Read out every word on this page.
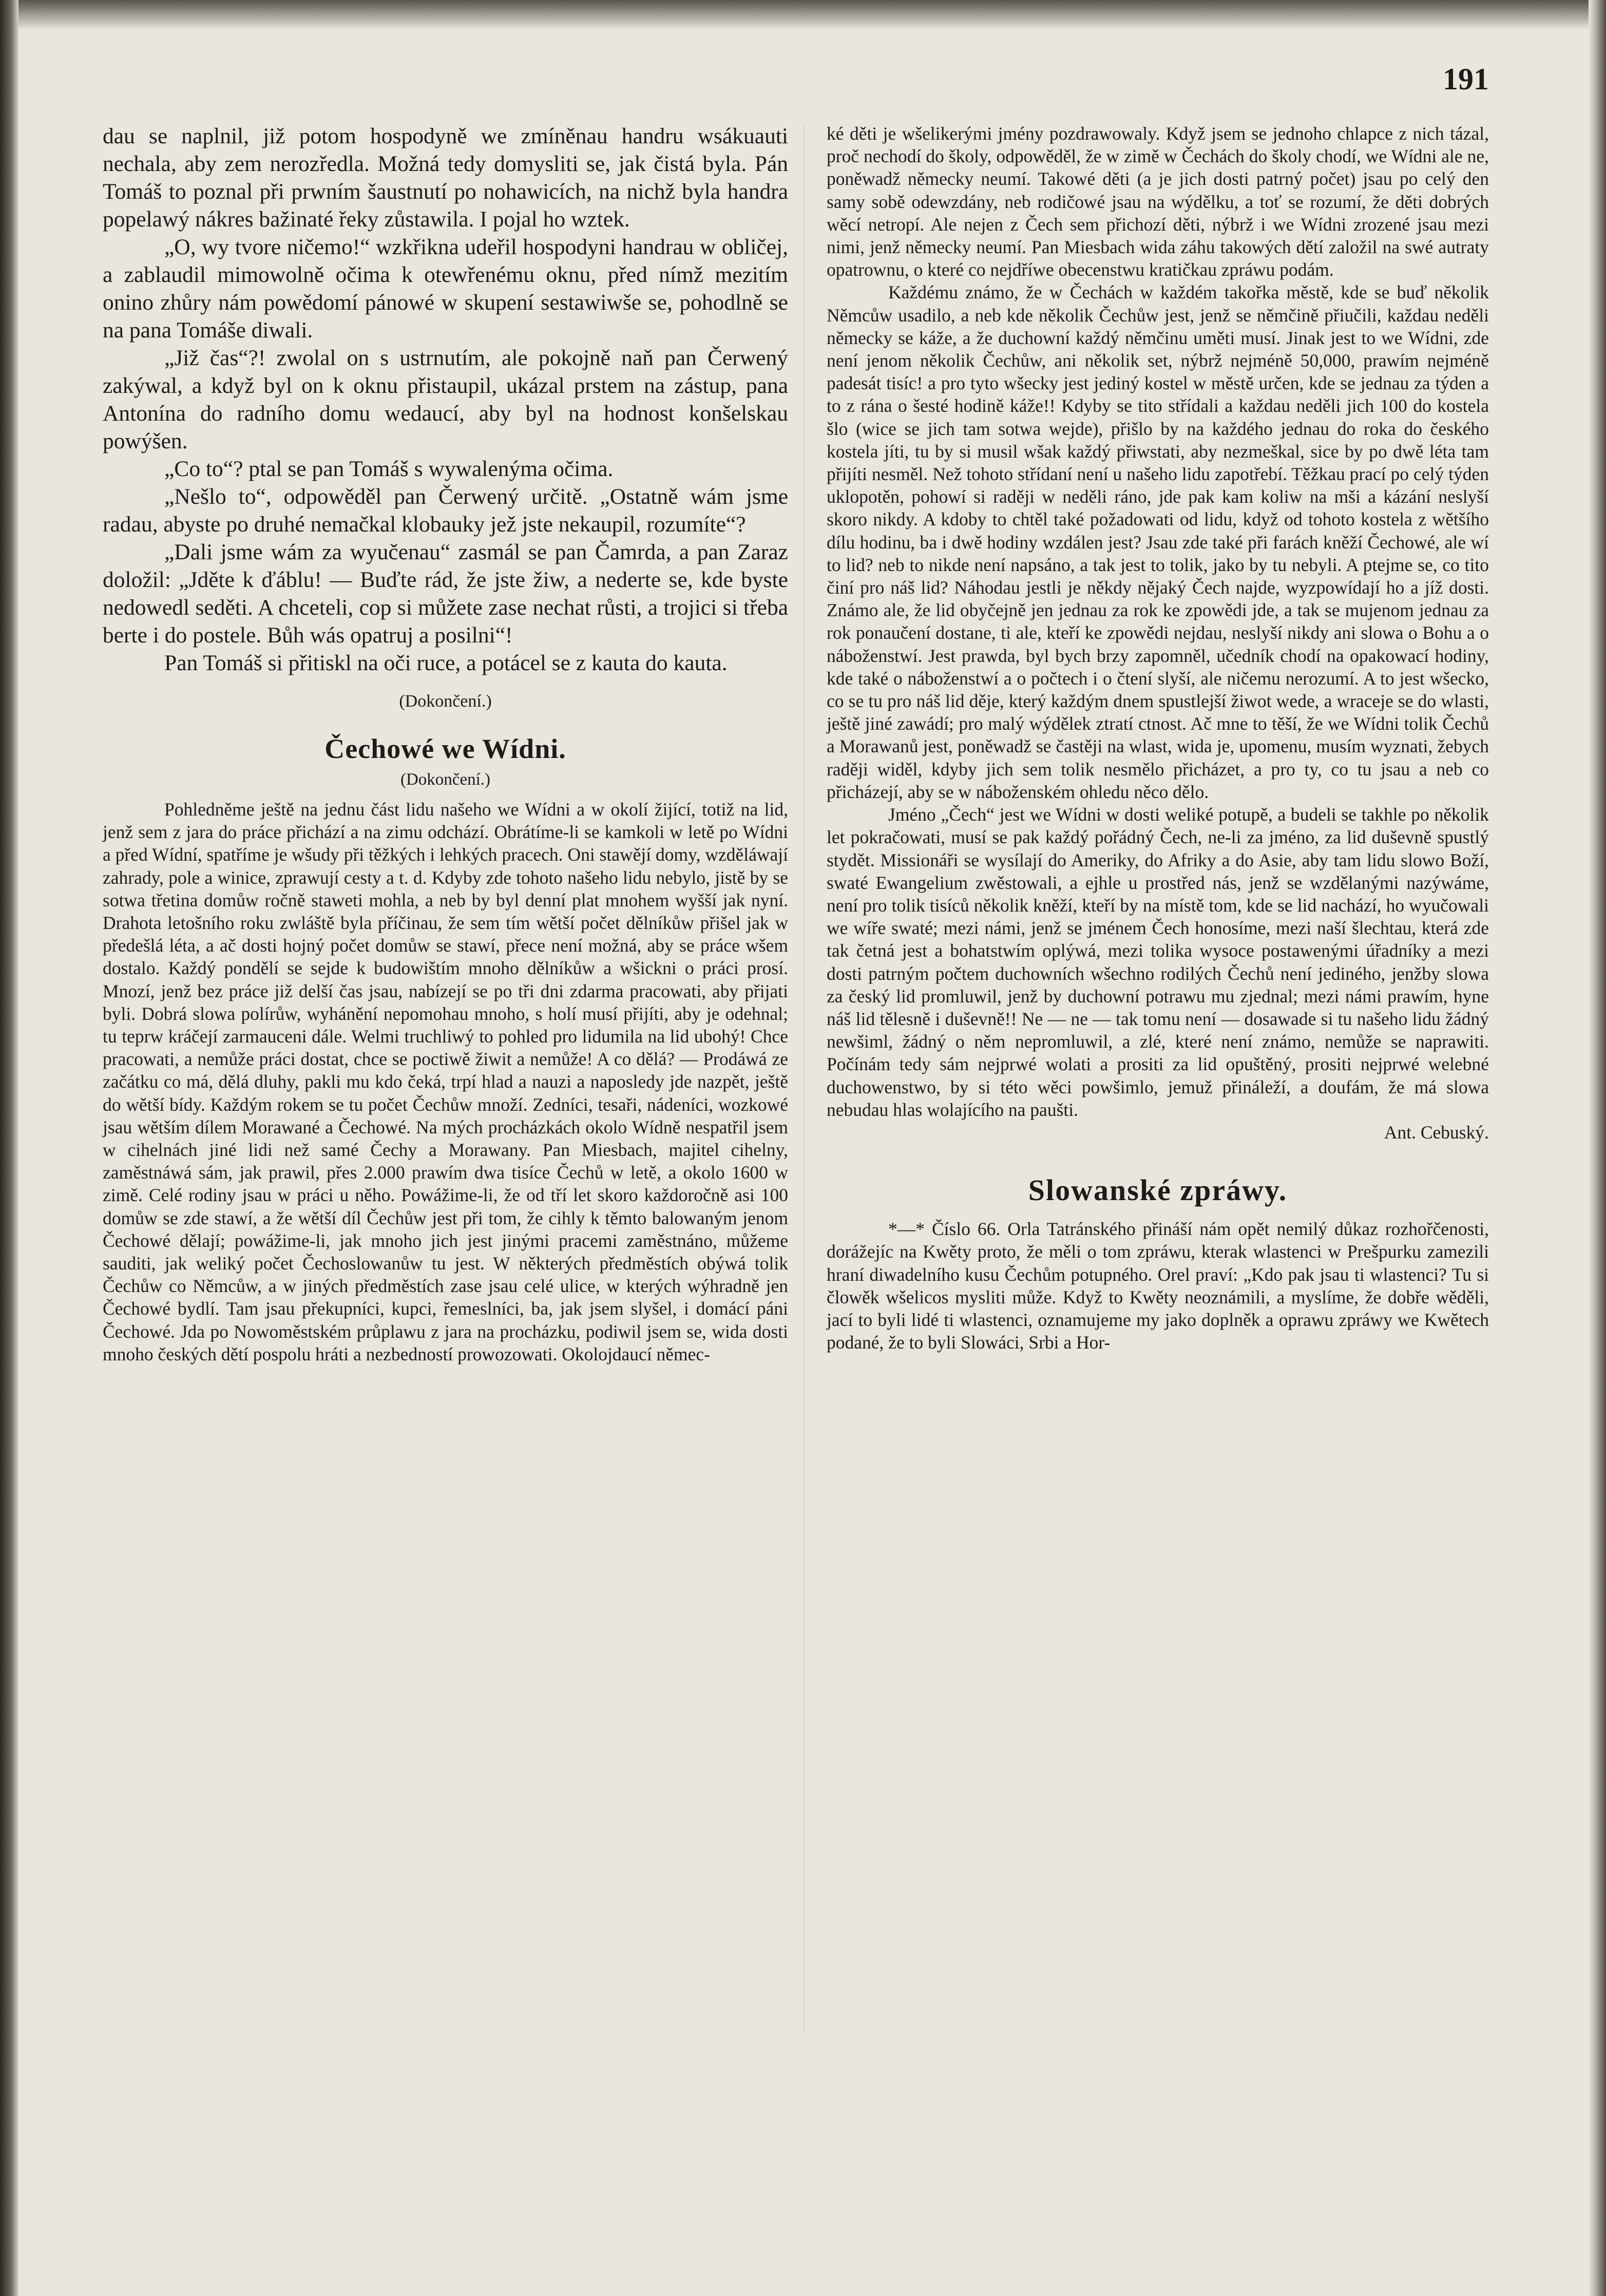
191

dau se naplnil, již potom hospodyně we zmíněnau handru wsákuauti nechala, aby zem nerozředla. Možná tedy domysliti se, jak čistá byla. Pán Tomáš to poznal při prwním šaustnutí po nohawicích, na nichž byla handra popelawý nákres bažinaté řeky zůstawila. I pojal ho wztek.

„O, wy tvore ničemo!“ wzkřikna udeřil hospodyni handrau w obličej, a zablaudil mimowolně očima k otewřenému oknu, před nímž mezitím onino zhůry nám powědomí pánowé w skupení sestawiwše se, pohodlně se na pana Tomáše diwali.

„Již čas“?! zwolal on s ustrnutím, ale pokojně naň pan Čerwený zakýwal, a když byl on k oknu přistaupil, ukázal prstem na zástup, pana Antonína do radního domu wedaucí, aby byl na hodnost konšelskau powýšen.

„Co to“? ptal se pan Tomáš s wywalenýma očima.

„Nešlo to“, odpowěděl pan Čerwený určitě. „Ostatně wám jsme radau, abyste po druhé nemačkal klobauky jež jste nekaupil, rozumíte“?

„Dali jsme wám za wyučenau“ zasmál se pan Čamrda, a pan Zaraz doložil: „Jděte k ďáblu! — Buďte rád, že jste žiw, a nederte se, kde byste nedowedl seděti. A chceteli, cop si můžete zase nechat růsti, a trojici si třeba berte i do postele. Bůh wás opatruj a posilni“!

Pan Tomáš si přitiskl na oči ruce, a potácel se z kauta do kauta.

(Dokončení.)
Čechowé we Wídni.
(Dokončení.)

Pohledněme ještě na jednu část lidu našeho we Wídni a w okolí žijící, totiž na lid, jenž sem z jara do práce přichází a na zimu odchází. Obrátíme-li se kamkoli w letě po Wídni a před Wídní, spatříme je wšudy při těžkých i lehkých pracech. Oni stawějí domy, wzděláwají zahrady, pole a winice, zprawují cesty a t. d. Kdyby zde tohoto našeho lidu nebylo, jistě by se sotwa třetina domůw ročně staweti mohla, a neb by byl denní plat mnohem wyšší jak nyní. Drahota letošního roku zwláště byla příčinau, že sem tím wětší počet dělníkůw přišel jak w předešlá léta, a ač dosti hojný počet domůw se stawí, přece není možná, aby se práce wšem dostalo. Každý pondělí se sejde k budowištím mnoho dělníkůw a wšickni o práci prosí. Mnozí, jenž bez práce již delší čas jsau, nabízejí se po tři dni zdarma pracowati, aby přijati byli. Dobrá slowa polírůw, wyhánění nepomohau mnoho, s holí musí přijíti, aby je odehnal; tu teprw kráčejí zarmauceni dále. Welmi truchliwý to pohled pro lidumila na lid ubohý! Chce pracowati, a nemůže práci dostat, chce se poctiwě žiwit a nemůže! A co dělá? — Prodáwá ze začátku co má, dělá dluhy, pakli mu kdo čeká, trpí hlad a nauzi a naposledy jde nazpět, ještě do wětší bídy. Každým rokem se tu počet Čechůw množí. Zedníci, tesaři, nádeníci, wozkowé jsau wětším dílem Morawané a Čechowé. Na mých procházkách okolo Wídně nespatřil jsem w cihelnách jiné lidi než samé Čechy a Morawany. Pan Miesbach, majitel cihelny, zaměstnáwá sám, jak prawil, přes 2.000 prawím dwa tisíce Čechů w letě, a okolo 1600 w zimě. Celé rodiny jsau w práci u něho. Powážime-li, že od tří let skoro každoročně asi 100 domůw se zde stawí, a že wětší díl Čechůw jest při tom, že cihly k těmto balowaným jenom Čechowé dělají; powážime-li, jak mnoho jich jest jinými pracemi zaměstnáno, můžeme sauditi, jak weliký počet Čechoslowanůw tu jest. W některých předměstích obýwá tolik Čechůw co Němcůw, a w jiných předměstích zase jsau celé ulice, w kterých wýhradně jen Čechowé bydlí. Tam jsau překupníci, kupci, řemeslníci, ba, jak jsem slyšel, i domácí páni Čechowé. Jda po Nowoměstském průplawu z jara na procházku, podiwil jsem se, wida dosti mnoho českých dětí pospolu hráti a nezbedností prowozowati. Okolojdaucí němec-

ké děti je wšelikerými jmény pozdrawowaly. Když jsem se jednoho chlapce z nich tázal, proč nechodí do školy, odpowěděl, že w zimě w Čechách do školy chodí, we Wídni ale ne, poněwadž německy neumí. Takowé děti (a je jich dosti patrný počet) jsau po celý den samy sobě odewzdány, neb rodičowé jsau na wýdělku, a toť se rozumí, že děti dobrých wěcí netropí. Ale nejen z Čech sem přichozí děti, nýbrž i we Wídni zrozené jsau mezi nimi, jenž německy neumí. Pan Miesbach wida záhu takowých dětí založil na swé autraty opatrownu, o které co nejdříwe obecenstwu kratičkau zpráwu podám.

Každému známo, že w Čechách w každém takořka městě, kde se buď několik Němcůw usadilo, a neb kde několik Čechůw jest, jenž se němčině přiučili, každau neděli německy se káže, a že duchowní každý němčinu uměti musí. Jinak jest to we Wídni, zde není jenom několik Čechůw, ani několik set, nýbrž nejméně 50,000, prawím nejméně padesát tisíc! a pro tyto wšecky jest jediný kostel w městě určen, kde se jednau za týden a to z rána o šesté hodině káže!! Kdyby se tito střídali a každau neděli jich 100 do kostela šlo (wice se jich tam sotwa wejde), přišlo by na každého jednau do roka do českého kostela jíti, tu by si musil wšak každý přiwstati, aby nezmeškal, sice by po dwě léta tam přijíti nesměl. Než tohoto střídaní není u našeho lidu zapotřebí. Těžkau prací po celý týden uklopotěn, pohowí si raději w neděli ráno, jde pak kam koliw na mši a kázání neslyší skoro nikdy. A kdoby to chtěl také požadowati od lidu, když od tohoto kostela z wětšího dílu hodinu, ba i dwě hodiny wzdálen jest? Jsau zde také při farách kněží Čechowé, ale wí to lid? neb to nikde není napsáno, a tak jest to tolik, jako by tu nebyli. A ptejme se, co tito činí pro náš lid? Náhodau jestli je někdy nějaký Čech najde, wyzpowídají ho a jíž dosti. Známo ale, že lid obyčejně jen jednau za rok ke zpowědi jde, a tak se mujenom jednau za rok ponaučení dostane, ti ale, kteří ke zpowědi nejdau, neslyší nikdy ani slowa o Bohu a o náboženstwí. Jest prawda, byl bych brzy zapomněl, učedník chodí na opakowací hodiny, kde také o náboženstwí a o počtech i o čtení slyší, ale ničemu nerozumí. A to jest wšecko, co se tu pro náš lid děje, který každým dnem spustlejší žiwot wede, a wraceje se do wlasti, ještě jiné zawádí; pro malý wýdělek ztratí ctnost. Ač mne to těší, že we Wídni tolik Čechů a Morawanů jest, poněwadž se častěji na wlast, wida je, upomenu, musím wyznati, žebych raději widěl, kdyby jich sem tolik nesmělo přicházet, a pro ty, co tu jsau a neb co přicházejí, aby se w náboženském ohledu něco dělo.

Jméno „Čech“ jest we Wídni w dosti weliké potupě, a budeli se takhle po několik let pokračowati, musí se pak každý pořádný Čech, ne-li za jméno, za lid duševně spustlý stydět. Missionáři se wysílají do Ameriky, do Afriky a do Asie, aby tam lidu slowo Boží, swaté Ewangelium zwěstowali, a ejhle u prostřed nás, jenž se wzdělanými nazýwáme, není pro tolik tisíců několik kněží, kteří by na místě tom, kde se lid nachází, ho wyučowali we wíře swaté; mezi námi, jenž se jménem Čech honosíme, mezi naší šlechtau, která zde tak četná jest a bohatstwím oplýwá, mezi tolika wysoce postawenými úřadníky a mezi dosti patrným počtem duchowních wšechno rodilých Čechů není jediného, jenžby slowa za český lid promluwil, jenž by duchowní potrawu mu zjednal; mezi námi prawím, hyne náš lid tělesně i duševně!! Ne — ne — tak tomu není — dosawade si tu našeho lidu žádný newšiml, žádný o něm nepromluwil, a zlé, které není známo, nemůže se naprawiti. Počínám tedy sám nejprwé wolati a prositi za lid opuštěný, prositi nejprwé welebné duchowenstwo, by si této wěci powšimlo, jemuž přináleží, a doufám, že má slowa nebudau hlas wolajícího na paušti.

Ant. Cebuský.

Slowanské zpráwy.

*—* Číslo 66. Orla Tatránského přináší nám opět nemilý důkaz rozhořčenosti, dorážejíc na Kwěty proto, že měli o tom zpráwu, kterak wlastenci w Prešpurku zamezili hraní diwadelního kusu Čechům potupného. Orel praví: „Kdo pak jsau ti wlastenci? Tu si člowěk wšelicos mysliti může. Když to Kwěty neoznámili, a myslíme, že dobře wěděli, jací to byli lidé ti wlastenci, oznamujeme my jako doplněk a oprawu zpráwy we Kwětech podané, že to byli Slowáci, Srbi a Hor-
